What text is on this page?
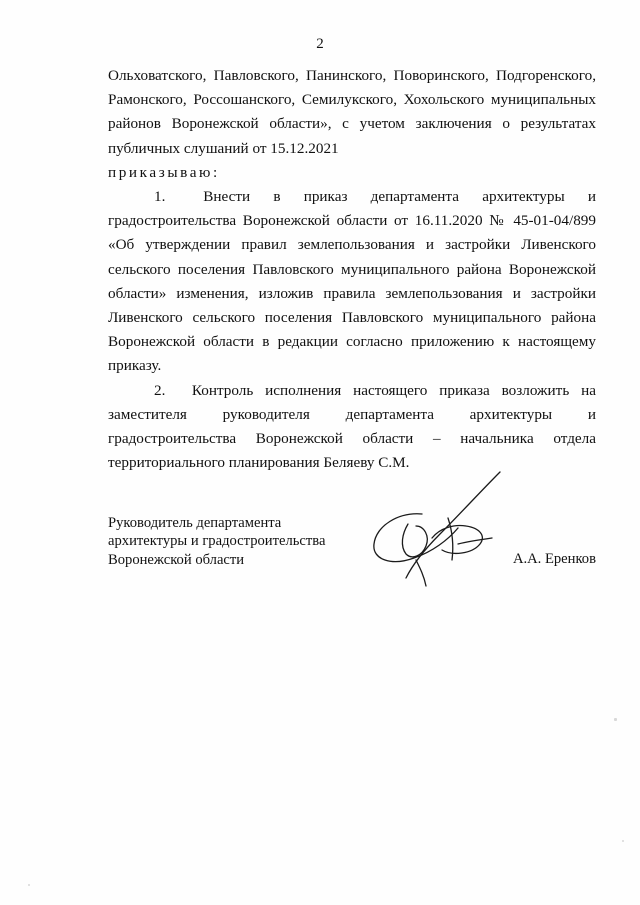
2

Ольховатского, Павловского, Панинского, Поворинского, Подгоренского, Рамонского, Россошанского, Семилукского, Хохольского муниципальных районов Воронежской области», с учетом заключения о результатах публичных слушаний от 15.12.2021

приказываю:

1. Внести в приказ департамента архитектуры и градостроительства Воронежской области от 16.11.2020 № 45-01-04/899 «Об утверждении правил землепользования и застройки Ливенского сельского поселения Павловского муниципального района Воронежской области» изменения, изложив правила землепользования и застройки Ливенского сельского поселения Павловского муниципального района Воронежской области в редакции согласно приложению к настоящему приказу.

2. Контроль исполнения настоящего приказа возложить на заместителя руководителя департамента архитектуры и градостроительства Воронежской области – начальника отдела территориального планирования Беляеву С.М.

Руководитель департамента
архитектуры и градостроительства
Воронежской области	А.А. Еренков
